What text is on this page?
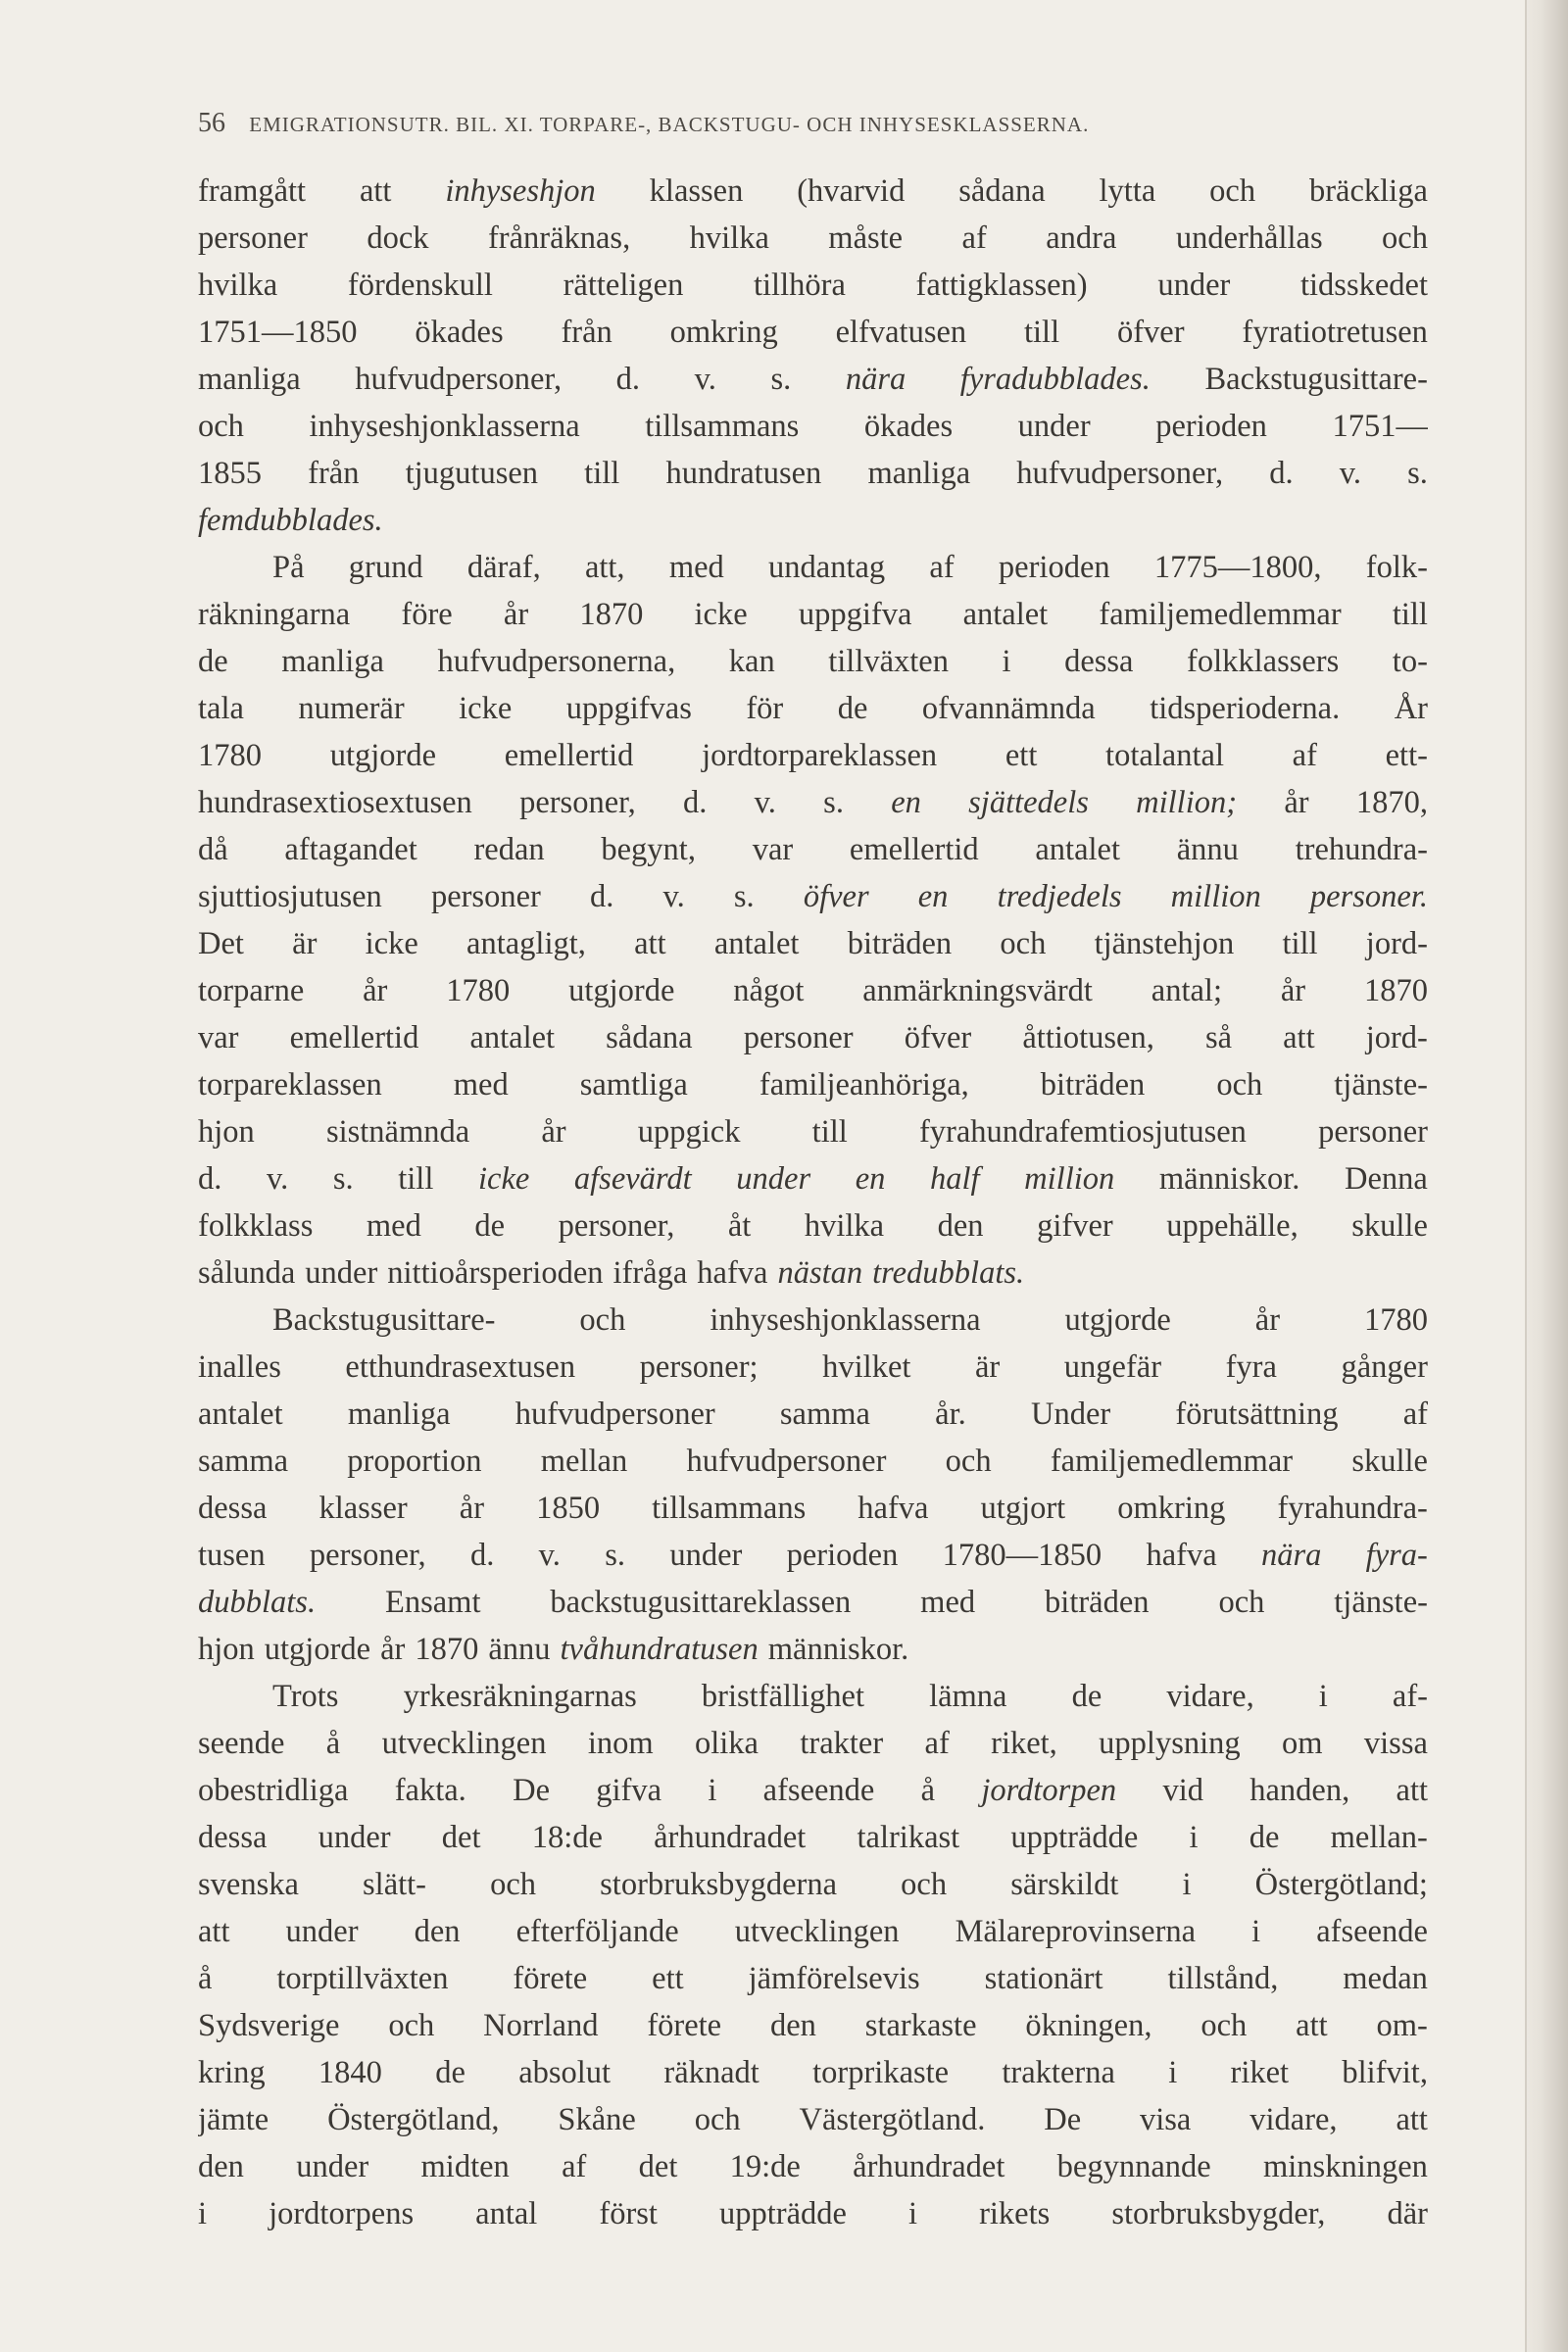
56 EMIGRATIONSUTR. BIL. XI. TORPARE-, BACKSTUGU- OCH INHYSESKLASSERNA.
framgått att inhyseshjon klassen (hvarvid sådana lytta och bräckliga
personer dock frånräknas, hvilka måste af andra underhållas och
hvilka fördenskull rätteligen tillhöra fattigklassen) under tidsskedet
1751—1850 ökades från omkring elfvatusen till öfver fyratiotretusen
manliga hufvudpersoner, d. v. s. nära fyradubblades. Backstugusittare-
och inhyseshjonklasserna tillsammans ökades under perioden 1751—
1855 från tjugutusen till hundratusen manliga hufvudpersoner, d. v. s.
femdubblades.
På grund däraf, att, med undantag af perioden 1775—1800, folk-
räkningarna före år 1870 icke uppgifva antalet familjemedlemmar till
de manliga hufvudpersonerna, kan tillväxten i dessa folkklassers to-
tala numerär icke uppgifvas för de ofvannämnda tidsperioderna. År
1780 utgjorde emellertid jordtorpareklassen ett totalantal af ett-
hundrasextiosextusen personer, d. v. s. en sjättedels million; år 1870,
då aftagandet redan begynt, var emellertid antalet ännu trehundra-
sjuttiosjutusen personer d. v. s. öfver en tredjedels million personer.
Det är icke antagligt, att antalet biträden och tjänstehjon till jord-
torparne år 1780 utgjorde något anmärkningsvärdt antal; år 1870
var emellertid antalet sådana personer öfver åttiotusen, så att jord-
torpareklassen med samtliga familjeanhöriga, biträden och tjänste-
hjon sistnämnda år uppgick till fyrahundrafemtiosjutusen personer
d. v. s. till icke afsevärdt under en half million människor. Denna
folkklass med de personer, åt hvilka den gifver uppehälle, skulle
sålunda under nittioårsperioden ifråga hafva nästan tredubblats.
Backstugusittare-	och	inhyseshjonklasserna	utgjorde	år	1780
inalles etthundrasextusen personer; hvilket är ungefär fyra gånger
antalet manliga hufvudpersoner samma år. Under förutsättning af
samma proportion mellan hufvudpersoner och familjemedlemmar skulle
dessa klasser år 1850 tillsammans hafva utgjort omkring fyrahundra-
tusen personer, d. v. s. under perioden 1780—1850 hafva nära fyra-
dubblats. Ensamt backstugusittareklassen med biträden och tjänste-
hjon utgjorde år 1870 ännu tvåhundratusen människor.
Trots yrkesräkningarnas bristfällighet lämna de vidare, i af-
seende å utvecklingen inom olika trakter af riket, upplysning om vissa
obestridliga fakta. De gifva i afseende å jordtorpen vid handen, att
dessa under det 18:de århundradet talrikast uppträdde i de mellan-
svenska slätt- och storbruksbygderna och särskildt i Östergötland;
att under den efterföljande utvecklingen Mälareprovinserna i afseende
å torptillväxten förete ett jämförelsevis stationärt tillstånd, medan
Sydsverige och Norrland förete den starkaste ökningen, och att om-
kring 1840 de absolut räknadt torprikaste trakterna i riket blifvit,
jämte Östergötland, Skåne och Västergötland. De visa vidare, att
den under midten af det 19:de århundradet begynnande minskningen
i jordtorpens antal först uppträdde i rikets storbruksbygder, där
